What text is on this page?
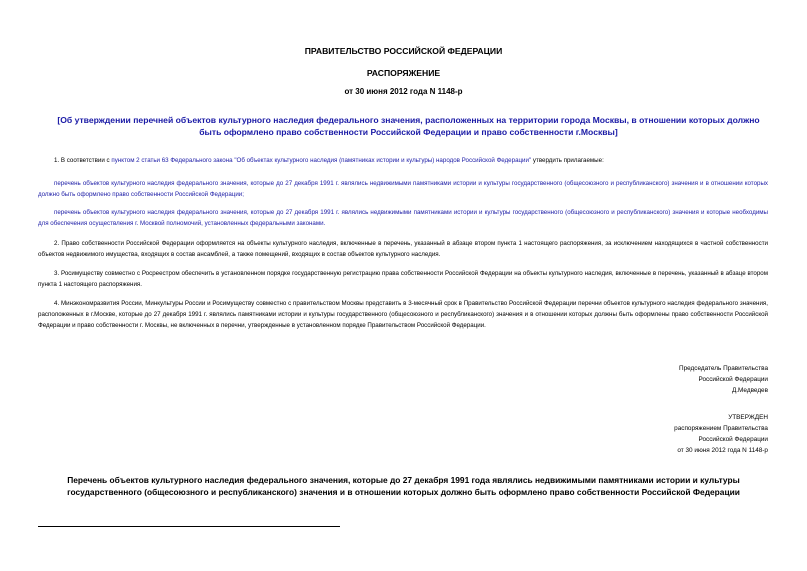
ПРАВИТЕЛЬСТВО РОССИЙСКОЙ ФЕДЕРАЦИИ
РАСПОРЯЖЕНИЕ
от 30 июня 2012 года N 1148-р
[Об утверждении перечней объектов культурного наследия федерального значения, расположенных на территории города Москвы, в отношении которых должно быть оформлено право собственности Российской Федерации и право собственности г.Москвы]
1. В соответствии с пунктом 2 статьи 63 Федерального закона "Об объектах культурного наследия (памятниках истории и культуры) народов Российской Федерации" утвердить прилагаемые:
перечень объектов культурного наследия федерального значения, которые до 27 декабря 1991 г. являлись недвижимыми памятниками истории и культуры государственного (общесоюзного и республиканского) значения и в отношении которых должно быть оформлено право собственности Российской Федерации;
перечень объектов культурного наследия федерального значения, которые до 27 декабря 1991 г. являлись недвижимыми памятниками истории и культуры государственного (общесоюзного и республиканского) значения и которые необходимы для обеспечения осуществления г. Москвой полномочий, установленных федеральными законами.
2. Право собственности Российской Федерации оформляется на объекты культурного наследия, включенные в перечень, указанный в абзаце втором пункта 1 настоящего распоряжения, за исключением находящихся в частной собственности объектов недвижимого имущества, входящих в состав ансамблей, а также помещений, входящих в состав объектов культурного наследия.
3. Росимуществу совместно с Росреестром обеспечить в установленном порядке государственную регистрацию права собственности Российской Федерации на объекты культурного наследия, включенные в перечень, указанный в абзаце втором пункта 1 настоящего распоряжения.
4. Минэкономразвития России, Минкультуры России и Росимуществу совместно с правительством Москвы представить в 3-месячный срок в Правительство Российской Федерации перечни объектов культурного наследия федерального значения, расположенных в г.Москве, которые до 27 декабря 1991 г. являлись памятниками истории и культуры государственного (общесоюзного и республиканского) значения и в отношении которых должны быть оформлены право собственности Российской Федерации и право собственности г. Москвы, не включенных в перечни, утвержденные в установленном порядке Правительством Российской Федерации.
Председатель Правительства
Российской Федерации
Д.Медведев
УТВЕРЖДЕН
распоряжением Правительства
Российской Федерации
от 30 июня 2012 года N 1148-р
Перечень объектов культурного наследия федерального значения, которые до 27 декабря 1991 года являлись недвижимыми памятниками истории и культуры государственного (общесоюзного и республиканского) значения и в отношении которых должно быть оформлено право собственности Российской Федерации
